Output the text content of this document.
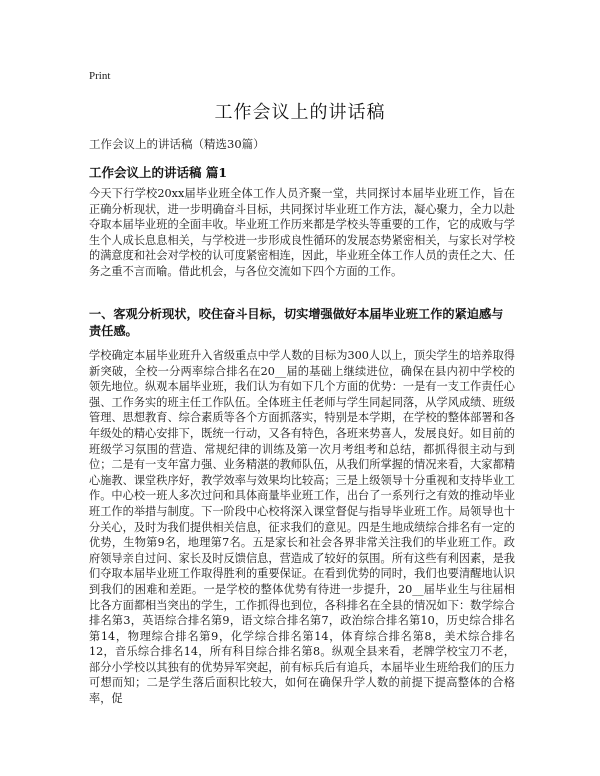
Print
工作会议上的讲话稿
工作会议上的讲话稿（精选30篇）
工作会议上的讲话稿 篇1

今天下行学校20xx届毕业班全体工作人员齐聚一堂，共同探讨本届毕业班工作，旨在正确分析现状，进一步明确奋斗目标，共同探讨毕业班工作方法，凝心聚力，全力以赴夺取本届毕业班的全面丰收。毕业班工作历来都是学校头等重要的工作，它的成败与学生个人成长息息相关，与学校进一步形成良性循环的发展态势紧密相关，与家长对学校的满意度和社会对学校的认可度紧密相连，因此，毕业班全体工作人员的责任之大、任务之重不言而喻。借此机会，与各位交流如下四个方面的工作。

一、客观分析现状，咬住奋斗目标，切实增强做好本届毕业班工作的紧迫感与责任感。

学校确定本届毕业班升入省级重点中学人数的目标为300人以上，顶尖学生的培养取得新突破，全校一分两率综合排名在20__届的基础上继续进位，确保在县内初中学校的领先地位。纵观本届毕业班，我们认为有如下几个方面的优势：一是有一支工作责任心强、工作务实的班主任工作队伍。全体班主任老师与学生同起同落，从学风成绩、班级管理、思想教育、综合素质等各个方面抓落实，特别是本学期，在学校的整体部署和各年级处的精心安排下，既统一行动，又各有特色，各班来势喜人，发展良好。如目前的班级学习氛围的营造、常规纪律的训练及第一次月考组考和总结，都抓得很主动与到位；二是有一支年富力强、业务精湛的教师队伍，从我们所掌握的情况来看，大家都精心施教、课堂秩序好，教学效率与效果均比较高；三是上级领导十分重视和支持毕业工作。中心校一班人多次过问和具体商量毕业班工作，出台了一系列行之有效的推动毕业班工作的举措与制度。下一阶段中心校将深入课堂督促与指导毕业班工作。局领导也十分关心，及时为我们提供相关信息，征求我们的意见。四是生地成绩综合排名有一定的优势，生物第9名，地理第7名。五是家长和社会各界非常关注我们的毕业班工作。政府领导亲自过问、家长及时反馈信息，营造成了较好的氛围。所有这些有利因素，是我们夺取本届毕业班工作取得胜利的重要保证。在看到优势的同时，我们也要清醒地认识到我们的困难和差距。一是学校的整体优势有待进一步提升，20__届毕业生与往届相比各方面都相当突出的学生，工作抓得也到位，各科排名在全县的情况如下：数学综合排名第3，英语综合排名第9，语文综合排名第7，政治综合排名第10，历史综合排名第14，物理综合排名第9，化学综合排名第14，体育综合排名第8，美术综合排名12，音乐综合排名14，所有科目综合排名第8。纵观全县来看，老牌学校宝刀不老，部分小学校以其独有的优势异军突起，前有标兵后有追兵，本届毕业生班给我们的压力可想而知；二是学生落后面积比较大，如何在确保升学人数的前提下提高整体的合格率，促
